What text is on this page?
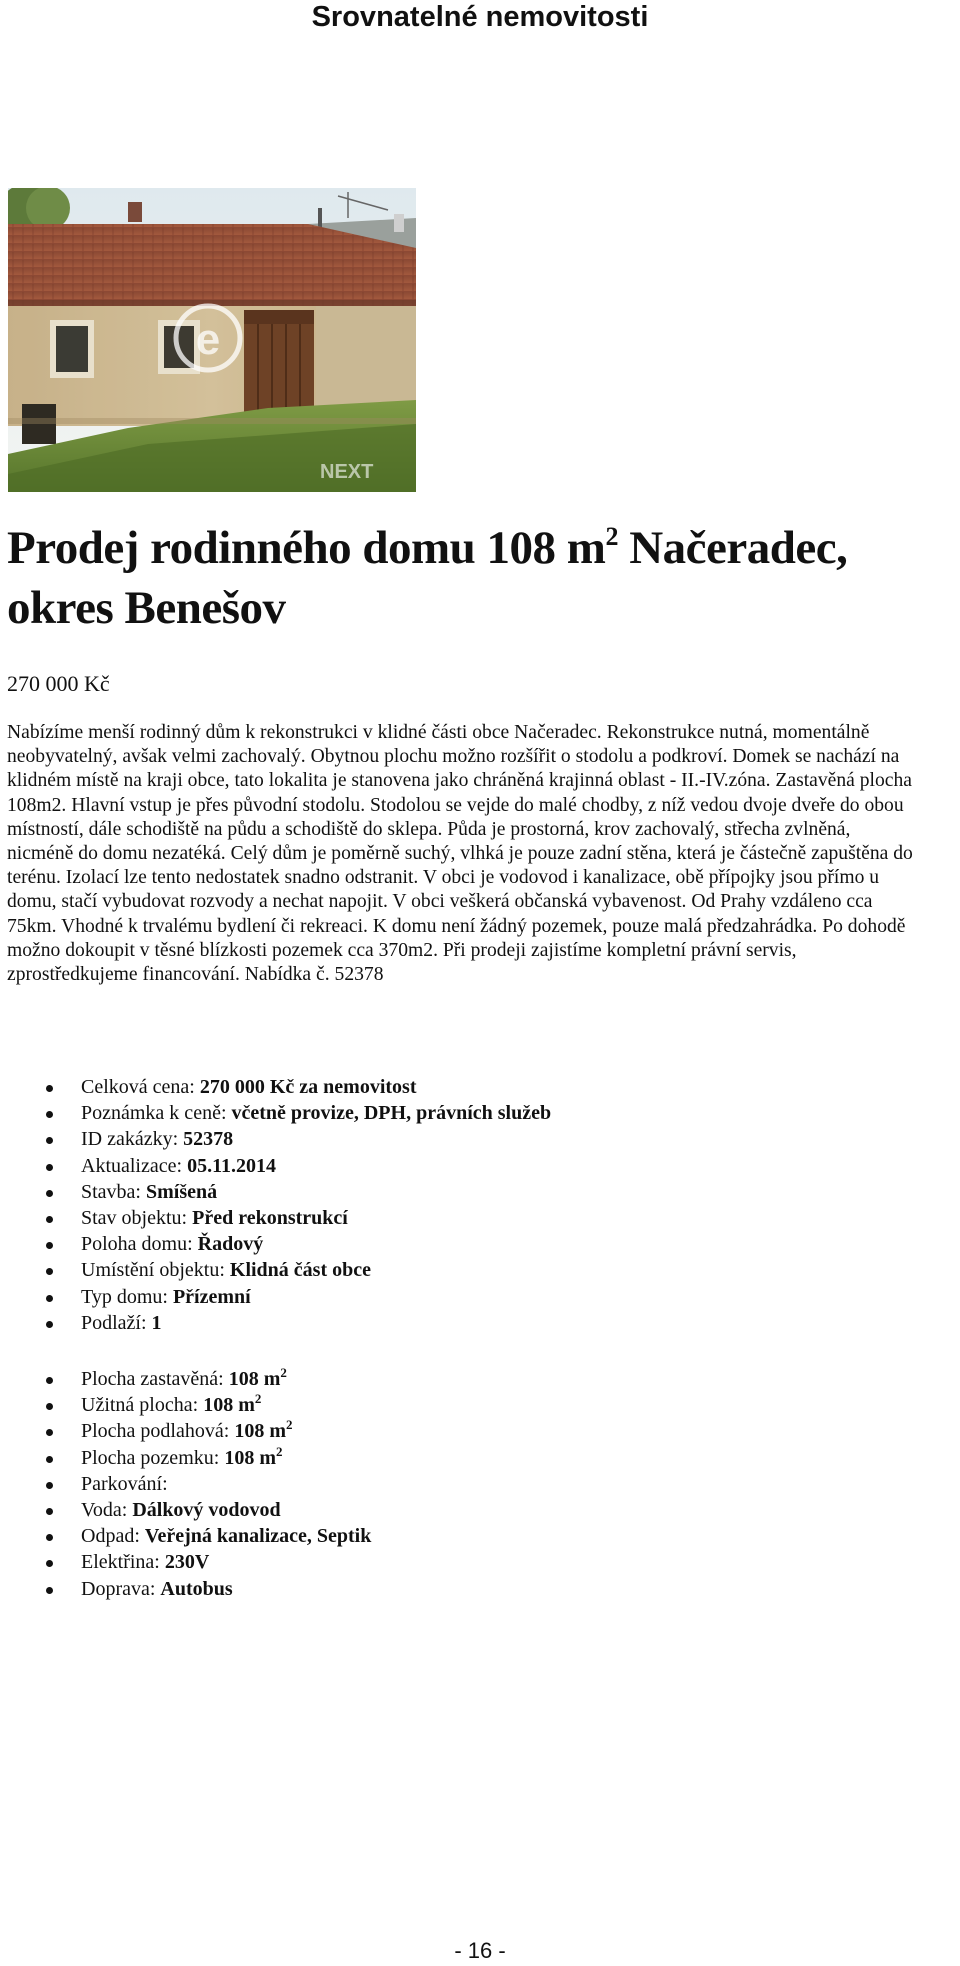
Srovnatelné nemovitosti
e
NEXT
Prodej rodinného domu 108 $m^2$ Načeradec, okres Benešov
270 000 Kč

Nabízíme menší rodinný dům k rekonstrukci v klidné části obce Načeradec. Rekonstrukce nutná, momentálně neobyvatelný, avšak velmi zachovalý. Obytnou plochu možno rozšířit o stodolu a podkroví. Domek se nachází na klidném místě na kraji obce, tato lokalita je stanovena jako chráněná krajinná oblast - II.-IV.zóna. Zastavěná plocha 108m2. Hlavní vstup je přes původní stodolu. Stodolou se vejde do malé chodby, z níž vedou dvoje dveře do obou místností, dále schodiště na půdu a schodiště do sklepa. Půda je prostorná, krov zachovalý, střecha zvlněná, nicméně do domu nezatéká. Celý dům je poměrně suchý, vlhká je pouze zadní stěna, která je částečně zapuštěna do terénu. Izolací lze tento nedostatek snadno odstranit. V obci je vodovod i kanalizace, obě přípojky jsou přímo u domu, stačí vybudovat rozvody a nechat napojit. V obci veškerá občanská vybavenost. Od Prahy vzdáleno cca 75km. Vhodné k trvalému bydlení či rekreaci. K domu není žádný pozemek, pouze malá předzahrádka. Po dohodě možno dokoupit v těsné blízkosti pozemek cca 370m2. Při prodeji zajistíme kompletní právní servis, zprostředkujeme financování. Nabídka č. 52378

Celková cena: 270 000 Kč za nemovitost
Poznámka k ceně: včetně provize, DPH, právních služeb
ID zakázky: 52378
Aktualizace: 05.11.2014
Stavba: Smíšená
Stav objektu: Před rekonstrukcí
Poloha domu: Řadový
Umístění objektu: Klidná část obce
Typ domu: Přízemní
Podlaží: 1
Plocha zastavěná: 108 $m^2$
Užitná plocha: 108 $m^2$
Plocha podlahová: 108 $m^2$
Plocha pozemku: 108 $m^2$
Parkování:
Voda: Dálkový vodovod
Odpad: Veřejná kanalizace, Septik
Elektřina: 230V
Doprava: Autobus
- 16 -
